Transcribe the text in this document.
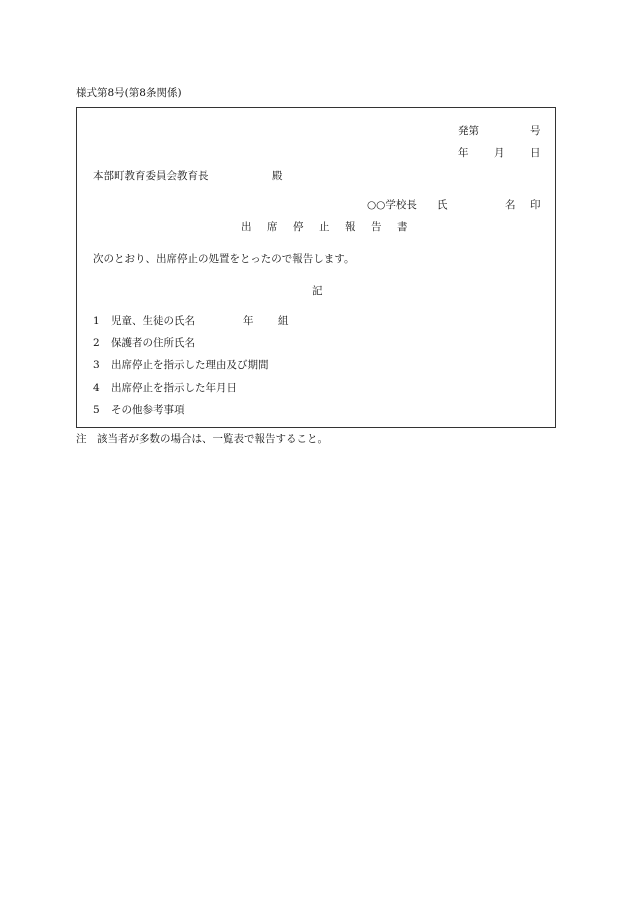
様式第8号(第8条関係)
発第	号
年 月 日
本部町教育委員会教育長	殿
○○学校長 氏	名 印
出 席 停 止 報 告 書
次のとおり、出席停止の処置をとったので報告します。
記
1 児童、生徒の氏名	年 組
2 保護者の住所氏名
3 出席停止を指示した理由及び期間
4 出席停止を指示した年月日
5 その他参考事項
注　該当者が多数の場合は、一覧表で報告すること。
